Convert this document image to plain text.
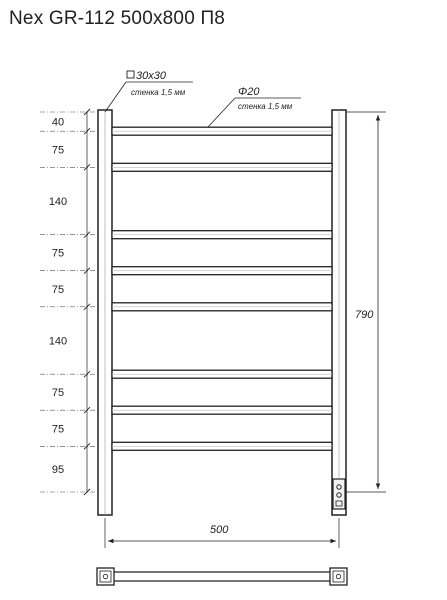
Nex GR-112 500x800 П8
40
75
140
75
75
140
75
75
95
30x30
стенка 1,5 мм	Φ20
стенка 1,5 мм
790
500
